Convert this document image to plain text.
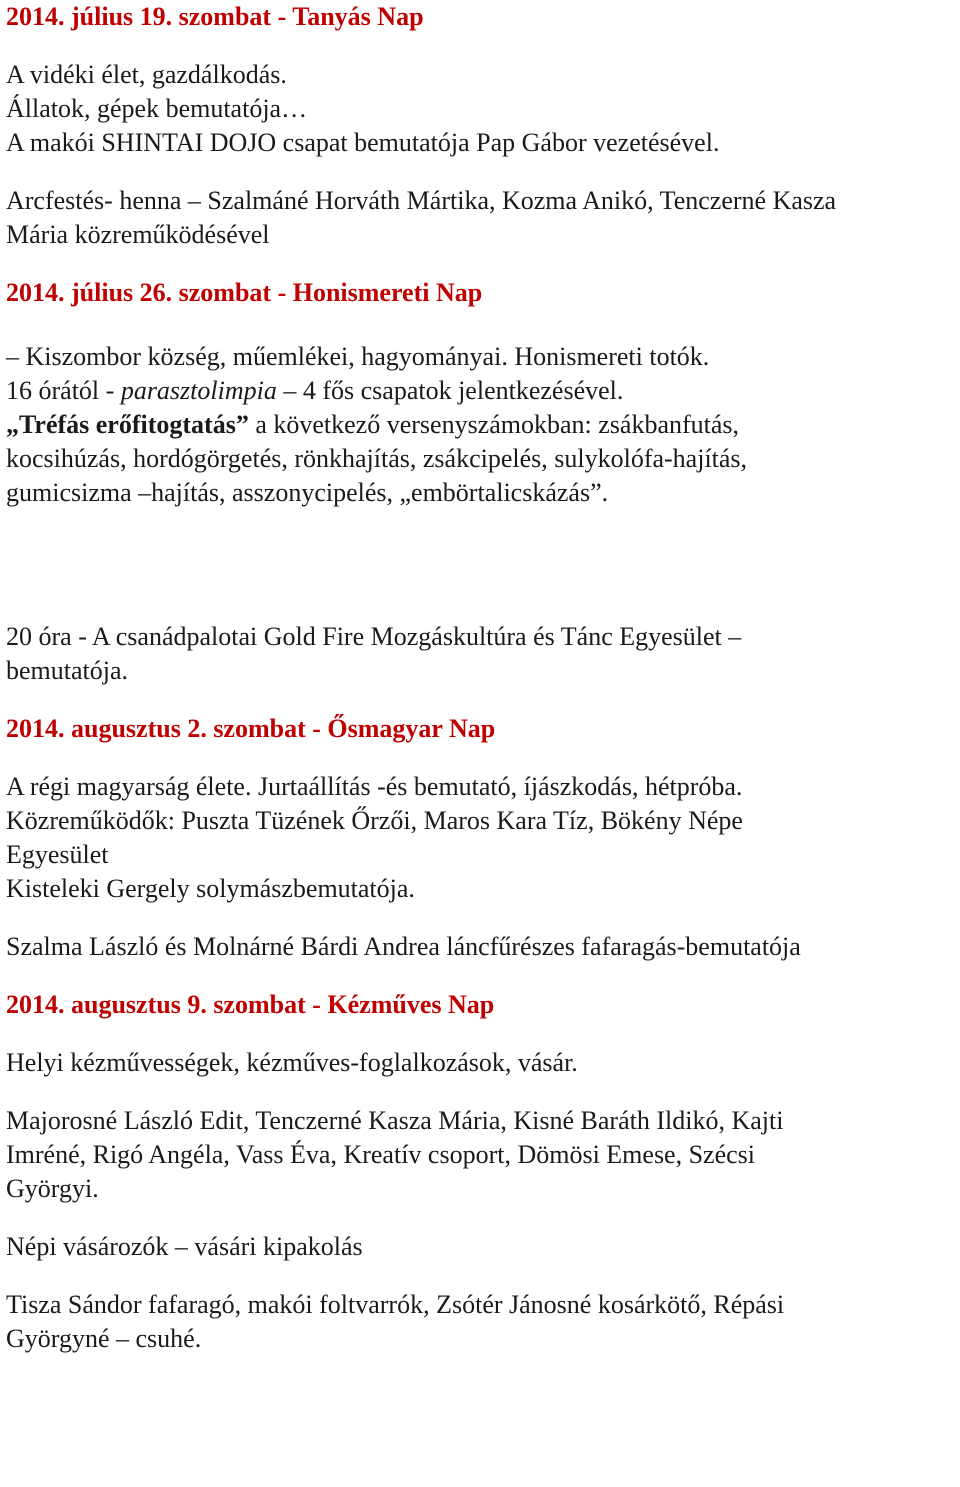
2014. július 19. szombat - Tanyás Nap
A vidéki élet, gazdálkodás.
Állatok, gépek bemutatója…
A makói SHINTAI DOJO csapat bemutatója Pap Gábor vezetésével.
Arcfestés- henna – Szalmáné Horváth Mártika, Kozma Anikó, Tenczerné Kasza
Mária közreműködésével
2014. július 26. szombat - Honismereti Nap
– Kiszombor község, műemlékei, hagyományai. Honismereti totók.
16 órától - parasztolimpia – 4 fős csapatok jelentkezésével.
„Tréfás erőfitogtatás” a következő versenyszámokban: zsákbanfutás,
kocsihúzás, hordógörgetés, rönkhajítás, zsákcipelés, sulykolófa-hajítás,
gumicsizma –hajítás, asszonycipelés, „embörtalicskázás”.
20 óra - A csanádpalotai Gold Fire Mozgáskultúra és Tánc Egyesület –
bemutatója.
2014. augusztus 2. szombat - Ősmagyar Nap
A régi magyarság élete. Jurtaállítás -és bemutató, íjászkodás, hétpróba.
Közreműködők: Puszta Tüzének Őrzői, Maros Kara Tíz, Bökény Népe
Egyesület
Kisteleki Gergely solymászbemutatója.
Szalma László és Molnárné Bárdi Andrea láncfűrészes fafaragás-bemutatója
2014. augusztus 9. szombat - Kézműves Nap
Helyi kézművességek, kézműves-foglalkozások, vásár.
Majorosné László Edit, Tenczerné Kasza Mária, Kisné Baráth Ildikó, Kajti
Imréné, Rigó Angéla, Vass Éva, Kreatív csoport, Dömösi Emese, Szécsi
Györgyi.
Népi vásározók – vásári kipakolás
Tisza Sándor fafaragó, makói foltvarrók, Zsótér Jánosné kosárkötő, Répási
Györgyné – csuhé.
